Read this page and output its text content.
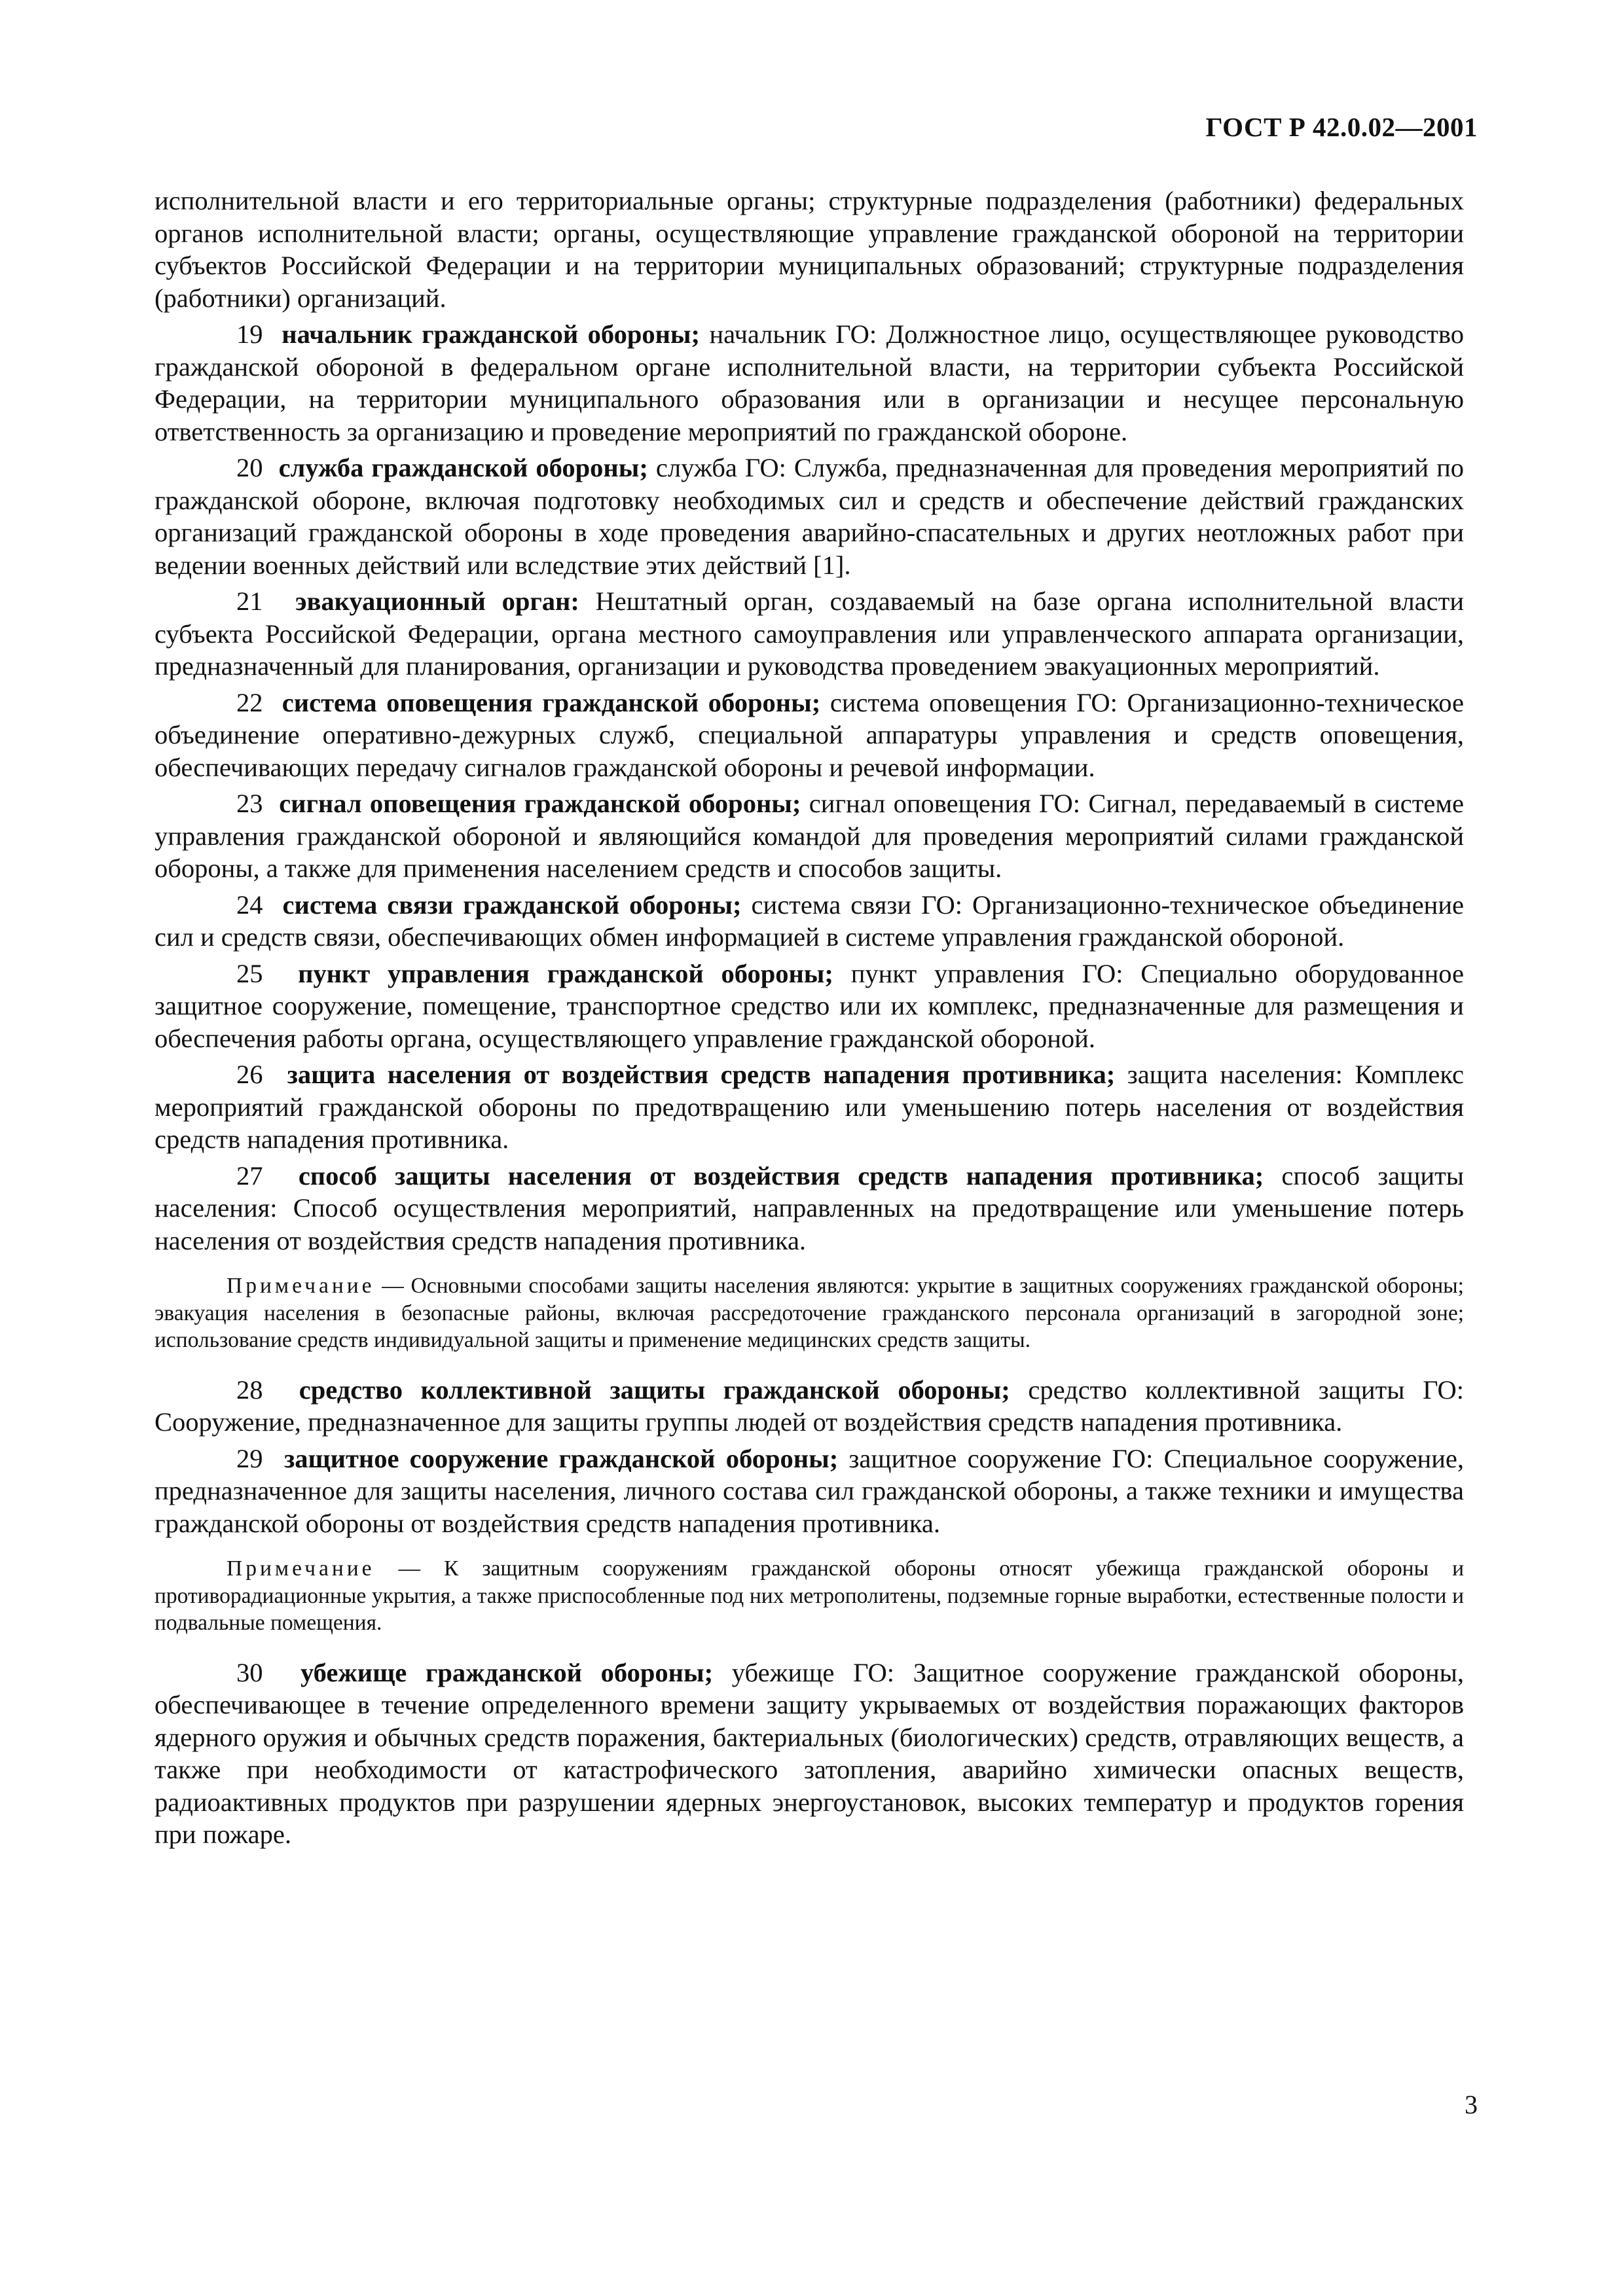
ГОСТ Р 42.0.02—2001

исполнительной власти и его территориальные органы; структурные подразделения (работники) федеральных органов исполнительной власти; органы, осуществляющие управление гражданской обороной на территории субъектов Российской Федерации и на территории муниципальных образований; структурные подразделения (работники) организаций.

19 начальник гражданской обороны; начальник ГО: Должностное лицо, осуществляющее руководство гражданской обороной в федеральном органе исполнительной власти, на территории субъекта Российской Федерации, на территории муниципального образования или в организации и несущее персональную ответственность за организацию и проведение мероприятий по гражданской обороне.

20 служба гражданской обороны; служба ГО: Служба, предназначенная для проведения мероприятий по гражданской обороне, включая подготовку необходимых сил и средств и обеспечение действий гражданских организаций гражданской обороны в ходе проведения аварийно-спасательных и других неотложных работ при ведении военных действий или вследствие этих действий [1].

21 эвакуационный орган: Нештатный орган, создаваемый на базе органа исполнительной власти субъекта Российской Федерации, органа местного самоуправления или управленческого аппарата организации, предназначенный для планирования, организации и руководства проведением эвакуационных мероприятий.

22 система оповещения гражданской обороны; система оповещения ГО: Организационно-техническое объединение оперативно-дежурных служб, специальной аппаратуры управления и средств оповещения, обеспечивающих передачу сигналов гражданской обороны и речевой информации.

23 сигнал оповещения гражданской обороны; сигнал оповещения ГО: Сигнал, передаваемый в системе управления гражданской обороной и являющийся командой для проведения мероприятий силами гражданской обороны, а также для применения населением средств и способов защиты.

24 система связи гражданской обороны; система связи ГО: Организационно-техническое объединение сил и средств связи, обеспечивающих обмен информацией в системе управления гражданской обороной.

25 пункт управления гражданской обороны; пункт управления ГО: Специально оборудованное защитное сооружение, помещение, транспортное средство или их комплекс, предназначенные для размещения и обеспечения работы органа, осуществляющего управление гражданской обороной.

26 защита населения от воздействия средств нападения противника; защита населения: Комплекс мероприятий гражданской обороны по предотвращению или уменьшению потерь населения от воздействия средств нападения противника.

27 способ защиты населения от воздействия средств нападения противника; способ защиты населения: Способ осуществления мероприятий, направленных на предотвращение или уменьшение потерь населения от воздействия средств нападения противника.

Примечание — Основными способами защиты населения являются: укрытие в защитных сооружениях гражданской обороны; эвакуация населения в безопасные районы, включая рассредоточение гражданского персонала организаций в загородной зоне; использование средств индивидуальной защиты и применение медицинских средств защиты.

28 средство коллективной защиты гражданской обороны; средство коллективной защиты ГО: Сооружение, предназначенное для защиты группы людей от воздействия средств нападения противника.

29 защитное сооружение гражданской обороны; защитное сооружение ГО: Специальное сооружение, предназначенное для защиты населения, личного состава сил гражданской обороны, а также техники и имущества гражданской обороны от воздействия средств нападения противника.

Примечание — К защитным сооружениям гражданской обороны относят убежища гражданской обороны и противорадиационные укрытия, а также приспособленные под них метрополитены, подземные горные выработки, естественные полости и подвальные помещения.

30 убежище гражданской обороны; убежище ГО: Защитное сооружение гражданской обороны, обеспечивающее в течение определенного времени защиту укрываемых от воздействия поражающих факторов ядерного оружия и обычных средств поражения, бактериальных (биологических) средств, отравляющих веществ, а также при необходимости от катастрофического затопления, аварийно химически опасных веществ, радиоактивных продуктов при разрушении ядерных энергоустановок, высоких температур и продуктов горения при пожаре.

3
